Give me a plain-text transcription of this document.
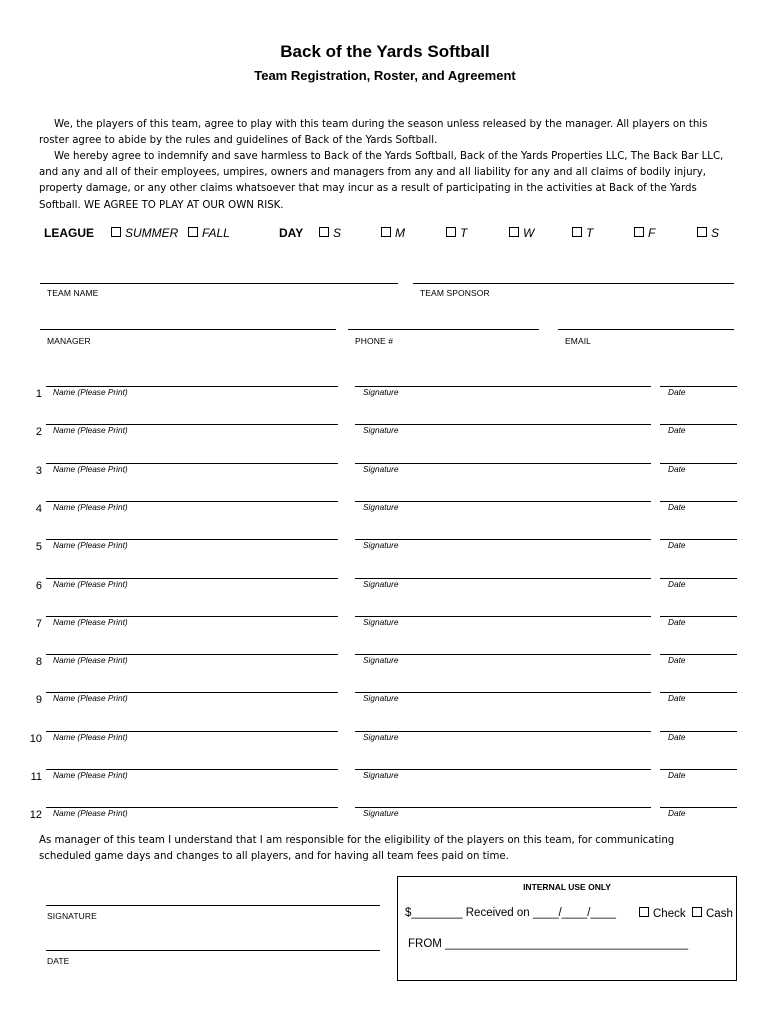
Back of the Yards Softball
Team Registration, Roster, and Agreement
We, the players of this team, agree to play with this team during the season unless released by the manager. All players on this roster agree to abide by the rules and guidelines of Back of the Yards Softball.
We hereby agree to indemnify and save harmless to Back of the Yards Softball, Back of the Yards Properties LLC, The Back Bar LLC, and any and all of their employees, umpires, owners and managers from any and all liability for any and all claims of bodily injury, property damage, or any other claims whatsoever that may incur as a result of participating in the activities at Back of the Yards Softball. WE AGREE TO PLAY AT OUR OWN RISK.
LEAGUE	SUMMER	FALL	DAY	S	M	T	W	T	F	S
TEAM NAME	TEAM SPONSOR
MANAGER	PHONE #	EMAIL
1 Name (Please Print)	Signature	Date
2 Name (Please Print)	Signature	Date
3 Name (Please Print)	Signature	Date
4 Name (Please Print)	Signature	Date
5 Name (Please Print)	Signature	Date
6 Name (Please Print)	Signature	Date
7 Name (Please Print)	Signature	Date
8 Name (Please Print)	Signature	Date
9 Name (Please Print)	Signature	Date
10 Name (Please Print)	Signature	Date
11 Name (Please Print)	Signature	Date
12 Name (Please Print)	Signature	Date
As manager of this team I understand that I am responsible for the eligibility of the players on this team, for communicating scheduled game days and changes to all players, and for having all team fees paid on time.
SIGNATURE
DATE
INTERNAL USE ONLY
$________ Received on ____/____/____	Check	Cash
FROM ______________________________________
